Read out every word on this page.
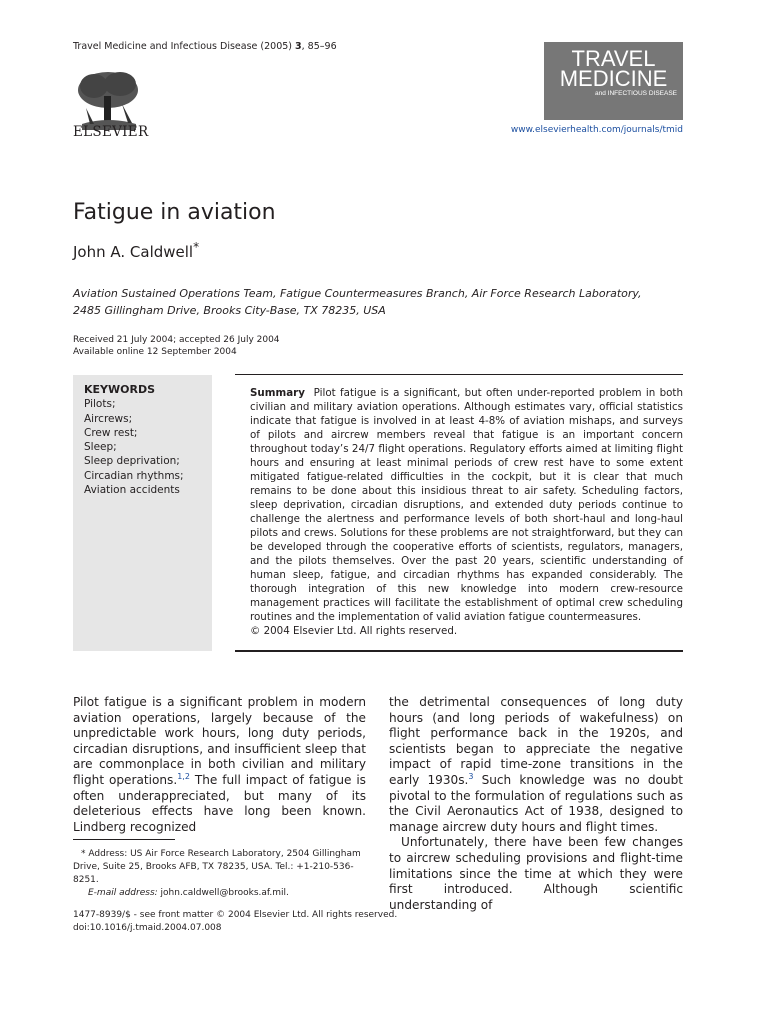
Travel Medicine and Infectious Disease (2005) 3, 85–96
ELSEVIER
TRAVEL
MEDICINE
and INFECTIOUS DISEASE
www.elsevierhealth.com/journals/tmid
Fatigue in aviation
John A. Caldwell*
Aviation Sustained Operations Team, Fatigue Countermeasures Branch, Air Force Research Laboratory,
2485 Gillingham Drive, Brooks City-Base, TX 78235, USA
Received 21 July 2004; accepted 26 July 2004
Available online 12 September 2004
KEYWORDS
Pilots;
Aircrews;
Crew rest;
Sleep;
Sleep deprivation;
Circadian rhythms;
Aviation accidents
Summary Pilot fatigue is a significant, but often under-reported problem in both civilian and military aviation operations. Although estimates vary, official statistics indicate that fatigue is involved in at least 4-8% of aviation mishaps, and surveys of pilots and aircrew members reveal that fatigue is an important concern throughout today’s 24/7 flight operations. Regulatory efforts aimed at limiting flight hours and ensuring at least minimal periods of crew rest have to some extent mitigated fatigue-related difficulties in the cockpit, but it is clear that much remains to be done about this insidious threat to air safety. Scheduling factors, sleep deprivation, circadian disruptions, and extended duty periods continue to challenge the alertness and performance levels of both short-haul and long-haul pilots and crews. Solutions for these problems are not straightforward, but they can be developed through the cooperative efforts of scientists, regulators, managers, and the pilots themselves. Over the past 20 years, scientific understanding of human sleep, fatigue, and circadian rhythms has expanded considerably. The thorough integration of this new knowledge into modern crew-resource management practices will facilitate the establishment of optimal crew scheduling routines and the implementation of valid aviation fatigue countermeasures.
© 2004 Elsevier Ltd. All rights reserved.

Pilot fatigue is a significant problem in modern aviation operations, largely because of the unpredictable work hours, long duty periods, circadian disruptions, and insufficient sleep that are commonplace in both civilian and military flight operations.$^{1,2}$ The full impact of fatigue is often underappreciated, but many of its deleterious effects have long been known. Lindberg recognized

the detrimental consequences of long duty hours (and long periods of wakefulness) on flight performance back in the 1920s, and scientists began to appreciate the negative impact of rapid time-zone transitions in the early 1930s.$^3$ Such knowledge was no doubt pivotal to the formulation of regulations such as the Civil Aeronautics Act of 1938, designed to manage aircrew duty hours and flight times.

Unfortunately, there have been few changes to aircrew scheduling provisions and flight-time limitations since the time at which they were first introduced. Although scientific understanding of

* Address: US Air Force Research Laboratory, 2504 Gillingham Drive, Suite 25, Brooks AFB, TX 78235, USA. Tel.: +1-210-536-8251.
E-mail address: john.caldwell@brooks.af.mil.
1477-8939/$ - see front matter © 2004 Elsevier Ltd. All rights reserved.
doi:10.1016/j.tmaid.2004.07.008
